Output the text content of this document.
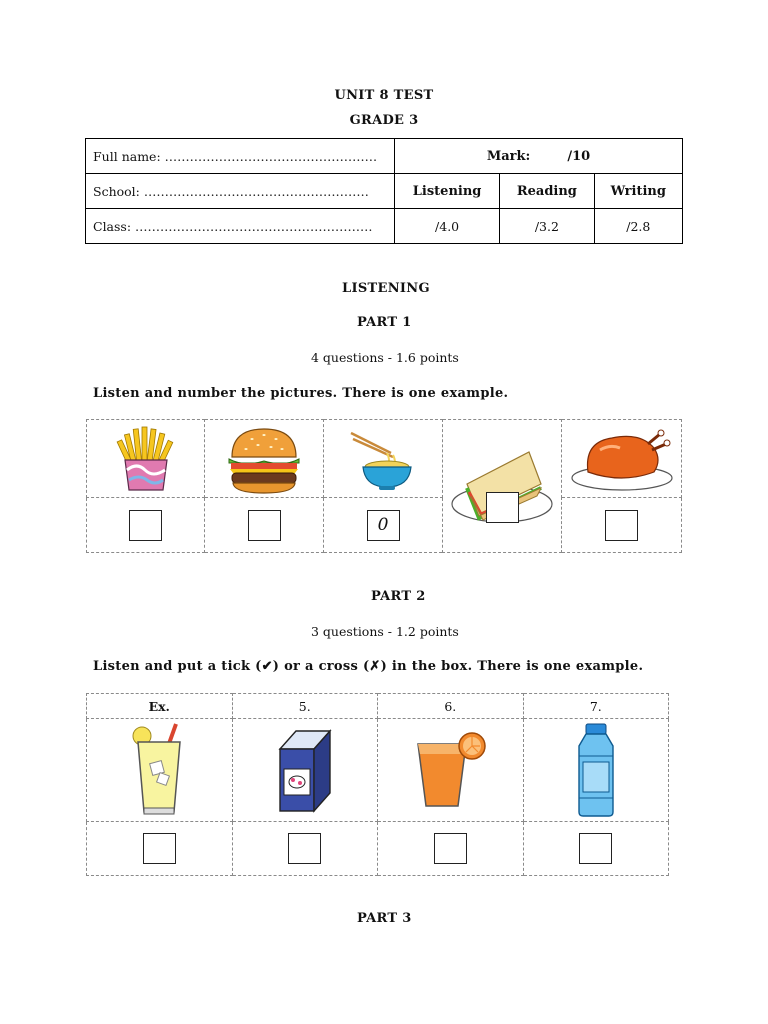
UNIT 8 TEST
GRADE 3
Full name: ……………………………………………	Mark: /10		
School: ………………………………………………	Listening	Reading	Writing
Class: …………………………………………………	/4.0	/3.2	/2.8
LISTENING
PART 1
4 questions - 1.6 points
Listen and number the pictures. There is one example.

		0		
PART 2
3 questions - 1.2 points
Listen and put a tick (✔) or a cross (✗) in the box. There is one example.
Ex.	5.	6.	7.

PART 3
